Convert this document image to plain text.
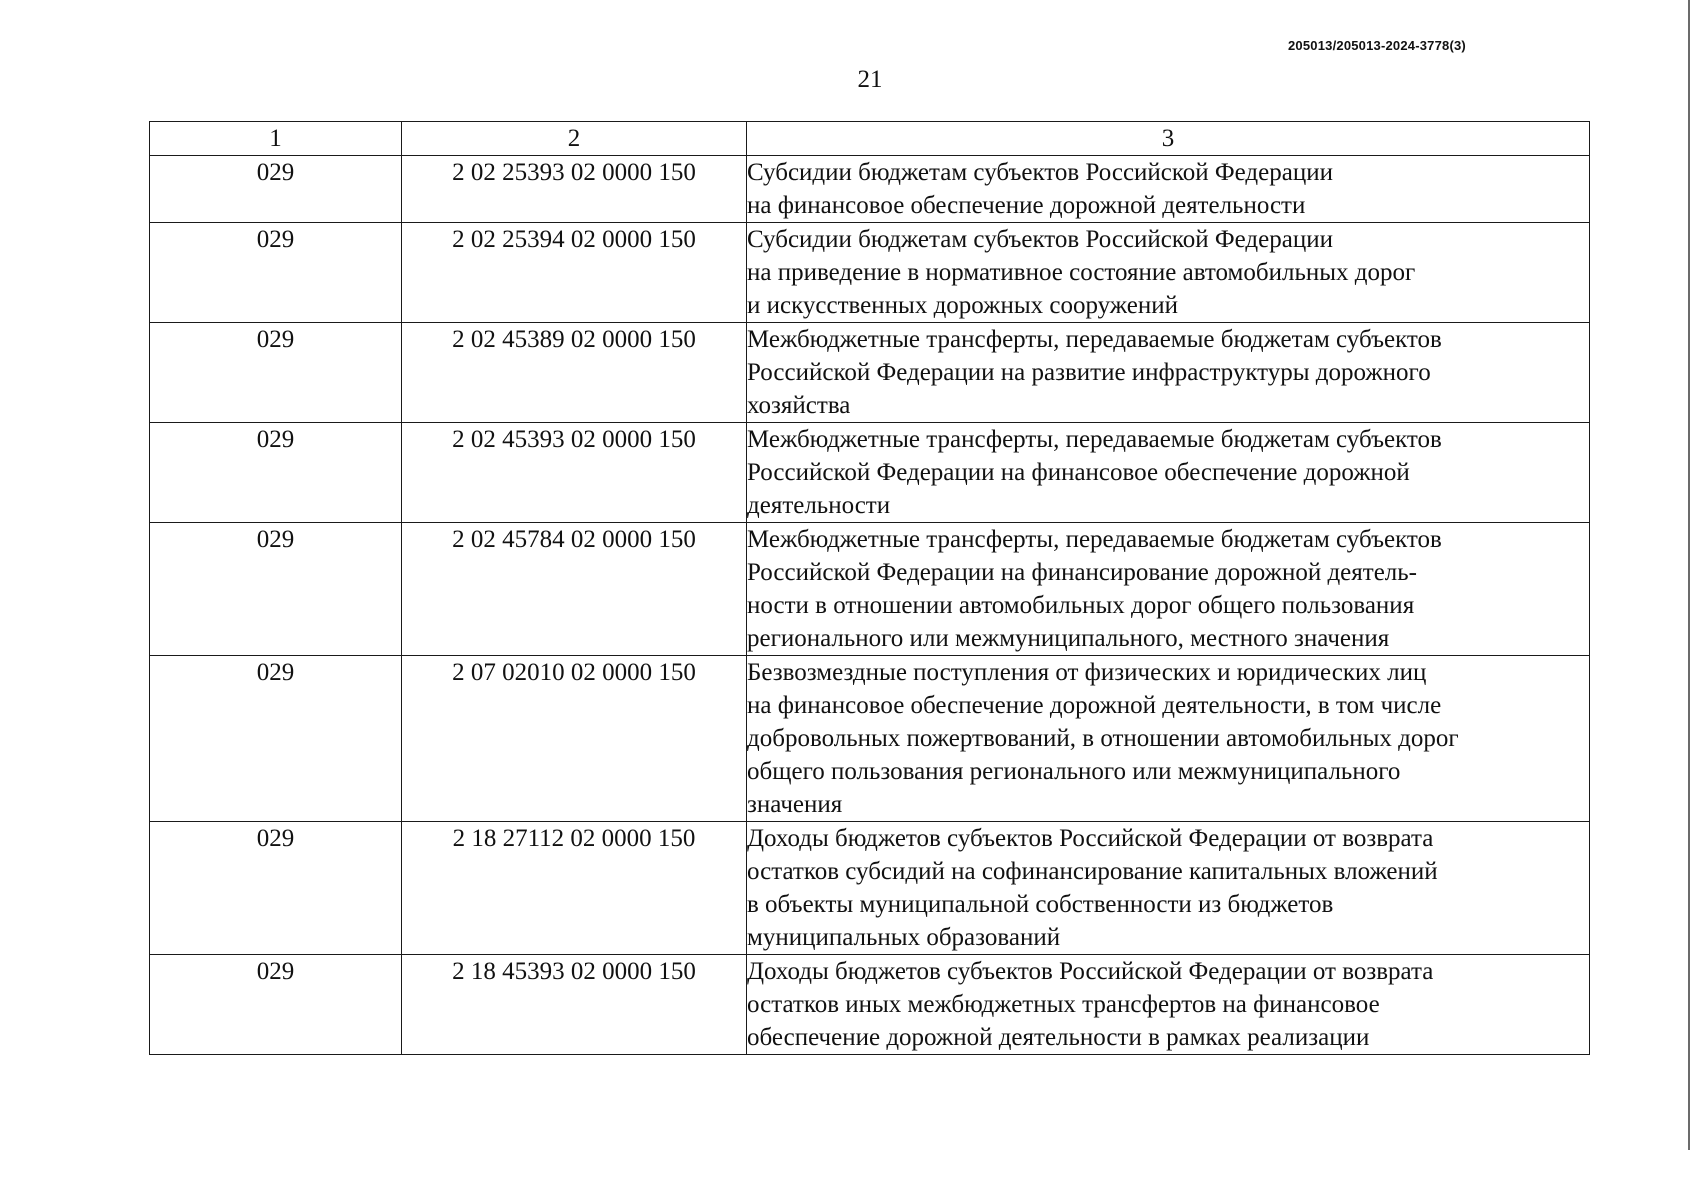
205013/205013-2024-3778(3)
21
1	2	3
029	2 02 25393 02 0000 150	Субсидии бюджетам субъектов Российской Федерации
на финансовое обеспечение дорожной деятельности

029	2 02 25394 02 0000 150	Субсидии бюджетам субъектов Российской Федерации
на приведение в нормативное состояние автомобильных дорог
и искусственных дорожных сооружений

029	2 02 45389 02 0000 150	Межбюджетные трансферты, передаваемые бюджетам субъектов
Российской Федерации на развитие инфраструктуры дорожного
хозяйства

029	2 02 45393 02 0000 150	Межбюджетные трансферты, передаваемые бюджетам субъектов
Российской Федерации на финансовое обеспечение дорожной
деятельности

029	2 02 45784 02 0000 150	Межбюджетные трансферты, передаваемые бюджетам субъектов
Российской Федерации на финансирование дорожной деятель-
ности в отношении автомобильных дорог общего пользования
регионального или межмуниципального, местного значения

029	2 07 02010 02 0000 150	Безвозмездные поступления от физических и юридических лиц
на финансовое обеспечение дорожной деятельности, в том числе
добровольных пожертвований, в отношении автомобильных дорог
общего пользования регионального или межмуниципального
значения

029	2 18 27112 02 0000 150	Доходы бюджетов субъектов Российской Федерации от возврата
остатков субсидий на софинансирование капитальных вложений
в объекты муниципальной собственности из бюджетов
муниципальных образований

029	2 18 45393 02 0000 150	Доходы бюджетов субъектов Российской Федерации от возврата
остатков иных межбюджетных трансфертов на финансовое
обеспечение дорожной деятельности в рамках реализации
